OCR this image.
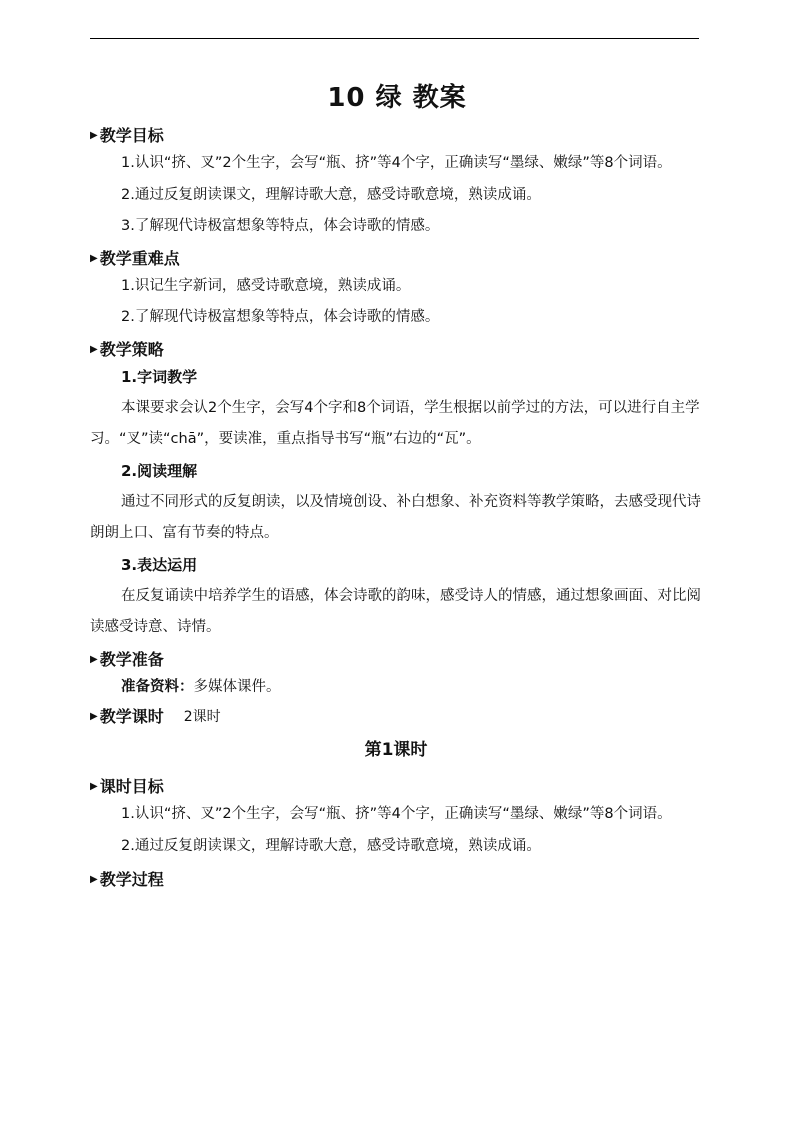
10 绿 教案
▶ 教学目标

1.认识“挤、叉”2个生字，会写“瓶、挤”等4个字，正确读写“墨绿、嫩绿”等8个词语。

2.通过反复朗读课文，理解诗歌大意，感受诗歌意境，熟读成诵。

3.了解现代诗极富想象等特点，体会诗歌的情感。

▶ 教学重难点

1.识记生字新词，感受诗歌意境，熟读成诵。

2.了解现代诗极富想象等特点，体会诗歌的情感。

▶ 教学策略

1.字词教学

本课要求会认2个生字，会写4个字和8个词语，学生根据以前学过的方法，可以进行自主学习。“叉”读“chā”，要读准，重点指导书写“瓶”右边的“瓦”。

2.阅读理解

通过不同形式的反复朗读，以及情境创设、补白想象、补充资料等教学策略，去感受现代诗朗朗上口、富有节奏的特点。

3.表达运用

在反复诵读中培养学生的语感，体会诗歌的韵味，感受诗人的情感，通过想象画面、对比阅读感受诗意、诗情。

▶ 教学准备

准备资料：多媒体课件。

▶ 教学课时 2课时
第1课时
▶ 课时目标

1.认识“挤、叉”2个生字，会写“瓶、挤”等4个字，正确读写“墨绿、嫩绿”等8个词语。

2.通过反复朗读课文，理解诗歌大意，感受诗歌意境，熟读成诵。

▶ 教学过程
